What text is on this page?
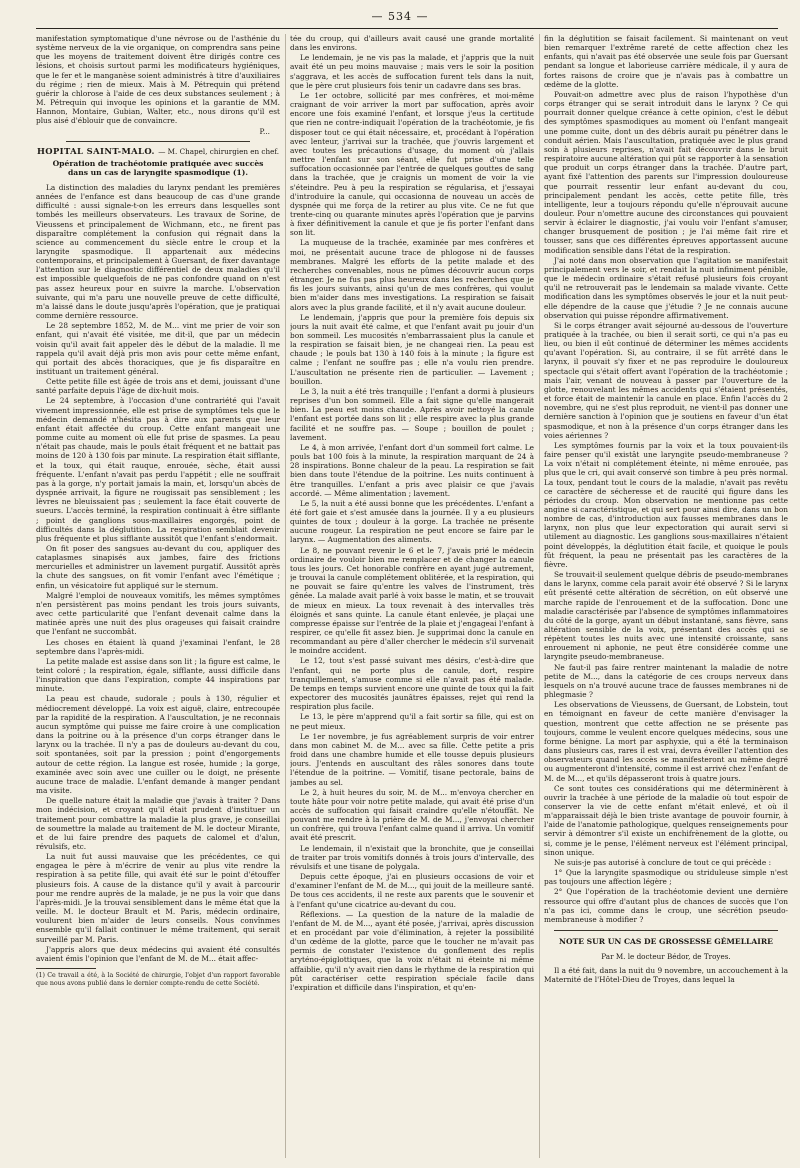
— 534 —

manifestation symptomatique d'une névrose ou de l'asthénie du système nerveux de la vie organique, on comprendra sans peine que les moyens de traitement doivent être dirigés contre ces lésions, et choisis surtout parmi les modificateurs hygiéniques, que le fer et le manganèse soient administrés à titre d'auxiliaires du régime ; rien de mieux. Mais à M. Pétrequin qui prétend guérir la chlorose à l'aide de ces deux substances seulement ; à M. Pétrequin qui invoque les opinions et la garantie de MM. Hannon, Montaire, Gubian, Walter, etc., nous dirons qu'il est plus aisé d'éblouir que de convaincre.

P...
HOPITAL SAINT-MALO. — M. Chapel, chirurgien en chef.
Opération de trachéotomie pratiquée avec succès dans un cas de laryngite spasmodique (1).

La distinction des maladies du larynx pendant les premières années de l'enfance est dans beaucoup de cas d'une grande difficulté : aussi signale-t-on les erreurs dans lesquelles sont tombés les meilleurs observateurs. Les travaux de Sorine, de Vieussens et principalement de Wichmann, etc., ne firent pas disparaître complétement la confusion qui régnait dans la science au commencement du siècle entre le croup et la laryngite spasmodique. Il appartenait aux médecins contemporains, et principalement à Guersant, de fixer davantage l'attention sur le diagnostic différentiel de deux maladies qu'il est impossible quelquefois de ne pas confondre quand on n'est pas assez heureux pour en suivre la marche. L'observation suivante, qui m'a paru une nouvelle preuve de cette difficulté, m'a laissé dans le doute jusqu'après l'opération, que je pratiquai comme dernière ressource.

Le 28 septembre 1852, M. de M... vint me prier de voir son enfant, qui n'avait été visitée, me dit-il, que par un médecin voisin qu'il avait fait appeler dès le début de la maladie. Il me rappela qu'il avait déjà pris mon avis pour cette même enfant, qui portait des abcès thoraciques, que je fis disparaître en instituant un traitement général.

Cette petite fille est âgée de trois ans et demi, jouissant d'une santé parfaite depuis l'âge de dix-huit mois.

Le 24 septembre, à l'occasion d'une contrariété qui l'avait vivement impressionnée, elle est prise de symptômes tels que le médecin demandé n'hésita pas à dire aux parents que leur enfant était affectée du croup. Cette enfant mangeait une pomme cuite au moment où elle fut prise de spasmes. La peau n'était pas chaude, mais le pouls était fréquent et ne battait pas moins de 120 à 130 fois par minute. La respiration était sifflante, et la toux, qui était rauque, enrouée, sèche, était aussi fréquente. L'enfant n'avait pas perdu l'appétit ; elle ne souffrait pas à la gorge, n'y portait jamais la main, et, lorsqu'un abcès de dyspnée arrivait, la figure ne rougissait pas sensiblement ; les lèvres ne bleuissaient pas ; seulement la face était couverte de sueurs. L'accès terminé, la respiration continuait à être sifflante ; point de ganglions sous-maxillaires engorgés, point de difficultés dans la déglutition. La respiration semblait devenir plus fréquente et plus sifflante aussitôt que l'enfant s'endormait.

On fit poser des sangsues au-devant du cou, appliquer des cataplasmes sinapisés aux jambes, faire des frictions mercurielles et administrer un lavement purgatif. Aussitôt après la chute des sangsues, on fit vomir l'enfant avec l'émétique ; enfin, un vésicatoire fut appliqué sur le sternum.

Malgré l'emploi de nouveaux vomitifs, les mêmes symptômes n'en persistèrent pas moins pendant les trois jours suivants, avec cette particularité que l'enfant devenait calme dans la matinée après une nuit des plus orageuses qui faisait craindre que l'enfant ne succombât.

Les choses en étaient là quand j'examinai l'enfant, le 28 septembre dans l'après-midi.

La petite malade est assise dans son lit ; la figure est calme, le teint coloré ; la respiration, égale, sifflante, aussi difficile dans l'inspiration que dans l'expiration, compte 44 inspirations par minute.

La peau est chaude, sudorale ; pouls à 130, régulier et médiocrement développé. La voix est aiguë, claire, entrecoupée par la rapidité de la respiration. A l'auscultation, je ne reconnais aucun symptôme qui puisse me faire croire à une complication dans la poitrine ou à la présence d'un corps étranger dans le larynx ou la trachée. Il n'y a pas de douleurs au-devant du cou, soit spontanées, soit par la pression ; point d'engorgements autour de cette région. La langue est rosée, humide ; la gorge, examinée avec soin avec une cuiller ou le doigt, ne présente aucune trace de maladie. L'enfant demande à manger pendant ma visite.

De quelle nature était la maladie que j'avais à traiter ? Dans mon indécision, et croyant qu'il était prudent d'instituer un traitement pour combattre la maladie la plus grave, je conseillai de soumettre la malade au traitement de M. le docteur Mirante, et de lui faire prendre des paquets de calomel et d'alun, révulsifs, etc.

La nuit fut aussi mauvaise que les précédentes, ce qui engagea le père à m'écrire de venir au plus vite rendre la respiration à sa petite fille, qui avait été sur le point d'étouffer plusieurs fois. A cause de la distance qu'il y avait à parcourir pour me rendre auprès de la malade, je ne pus la voir que dans l'après-midi. Je la trouvai sensiblement dans le même état que la veille. M. le docteur Brault et M. Paris, médecin ordinaire, voulurent bien m'aider de leurs conseils. Nous convînmes ensemble qu'il fallait continuer le même traitement, qui serait surveillé par M. Paris.

J'appris alors que deux médecins qui avaient été consultés avaient émis l'opinion que l'enfant de M. de M... était affec-

(1) Ce travail a été, à la Société de chirurgie, l'objet d'un rapport favorable que nous avons publié dans le dernier compte-rendu de cette Société.

tée du croup, qui d'ailleurs avait causé une grande mortalité dans les environs.

Le lendemain, je ne vis pas la malade, et j'appris que la nuit avait été un peu moins mauvaise ; mais vers le soir la position s'aggrava, et les accès de suffocation furent tels dans la nuit, que le père crut plusieurs fois tenir un cadavre dans ses bras.

Le 1er octobre, sollicité par mes confrères, et moi-même craignant de voir arriver la mort par suffocation, après avoir encore une fois examiné l'enfant, et lorsque j'eus la certitude que rien ne contre-indiquait l'opération de la trachéotomie, je fis disposer tout ce qui était nécessaire, et, procédant à l'opération avec lenteur, j'arrivai sur la trachée, que j'ouvris largement et avec toutes les précautions d'usage, du moment où j'allais mettre l'enfant sur son séant, elle fut prise d'une telle suffocation occasionnée par l'entrée de quelques gouttes de sang dans la trachée, que je craignis un moment de voir la vie s'éteindre. Peu à peu la respiration se régularisa, et j'essayai d'introduire la canule, qui occasionna de nouveau un accès de dyspnée qui me força de la retirer au plus vite. Ce ne fut que trente-cinq ou quarante minutes après l'opération que je parvins à fixer définitivement la canule et que je fis porter l'enfant dans son lit.

La muqueuse de la trachée, examinée par mes confrères et moi, ne présentait aucune trace de phlogose ni de fausses membranes. Malgré les efforts de la petite malade et des recherches convenables, nous ne pûmes découvrir aucun corps étranger. Je ne fus pas plus heureux dans les recherches que je fis les jours suivants, ainsi qu'un de mes confrères, qui voulut bien m'aider dans mes investigations. La respiration se faisait alors avec la plus grande facilité, et il n'y avait aucune douleur.

Le lendemain, j'appris que pour la première fois depuis six jours la nuit avait été calme, et que l'enfant avait pu jouir d'un bon sommeil. Les mucosités n'embarrassaient plus la canule et la respiration se faisait bien, je ne changeai rien. La peau est chaude ; le pouls bat 130 à 140 fois à la minute ; la figure est calme ; l'enfant ne souffre pas ; elle n'a voulu rien prendre. L'auscultation ne présente rien de particulier. — Lavement ; bouillon.

Le 3, la nuit a été très tranquille ; l'enfant a dormi à plusieurs reprises d'un bon sommeil. Elle a fait signe qu'elle mangerait bien. La peau est moins chaude. Après avoir nettoyé la canule l'enfant est portée dans son lit ; elle respire avec la plus grande facilité et ne souffre pas. — Soupe ; bouillon de poulet ; lavement.

Le 4, à mon arrivée, l'enfant dort d'un sommeil fort calme. Le pouls bat 100 fois à la minute, la respiration marquant de 24 à 28 inspirations. Bonne chaleur de la peau. La respiration se fait bien dans toute l'étendue de la poitrine. Les nuits continuent à être tranquilles. L'enfant a pris avec plaisir ce que j'avais accordé. — Même alimentation ; lavement.

Le 5, la nuit a été aussi bonne que les précédentes. L'enfant a été fort gaie et s'est amusée dans la journée. Il y a eu plusieurs quintes de toux ; douleur à la gorge. La trachée ne présente aucune rougeur. La respiration ne peut encore se faire par le larynx. — Augmentation des aliments.

Le 8, ne pouvant revenir le 6 et le 7, j'avais prié le médecin ordinaire de vouloir bien me remplacer et de changer la canule tous les jours. Cet honorable confrère en ayant jugé autrement, je trouvai la canule complétement oblitérée, et la respiration, qui ne pouvait se faire qu'entre les valves de l'instrument, très gênée. La malade avait parlé à voix basse le matin, et se trouvait de mieux en mieux. La toux revenait à des intervalles très éloignés et sans quinte. La canule étant enlevée, je plaçai une compresse épaisse sur l'entrée de la plaie et j'engageai l'enfant à respirer, ce qu'elle fit assez bien. Je supprimai donc la canule en recommandant au père d'aller chercher le médecin s'il survenait le moindre accident.

Le 12, tout s'est passé suivant mes désirs, c'est-à-dire que l'enfant, qui ne porte plus de canule, dort, respire tranquillement, s'amuse comme si elle n'avait pas été malade. De temps en temps survient encore une quinte de toux qui la fait expectorer des mucosités jaunâtres épaisses, rejet qui rend la respiration plus facile.

Le 13, le père m'apprend qu'il a fait sortir sa fille, qui est on ne peut mieux.

Le 1er novembre, je fus agréablement surpris de voir entrer dans mon cabinet M. de M... avec sa fille. Cette petite a pris froid dans une chambre humide et elle tousse depuis plusieurs jours. J'entends en auscultant des râles sonores dans toute l'étendue de la poitrine. — Vomitif, tisane pectorale, bains de jambes au sel.

Le 2, à huit heures du soir, M. de M... m'envoya chercher en toute hâte pour voir notre petite malade, qui avait été prise d'un accès de suffocation qui faisait craindre qu'elle n'étouffât. Ne pouvant me rendre à la prière de M. de M..., j'envoyai chercher un confrère, qui trouva l'enfant calme quand il arriva. Un vomitif avait été prescrit.

Le lendemain, il n'existait que la bronchite, que je conseillai de traiter par trois vomitifs donnés à trois jours d'intervalle, des révulsifs et une tisane de polygala.

Depuis cette époque, j'ai en plusieurs occasions de voir et d'examiner l'enfant de M. de M..., qui jouit de la meilleure santé. De tous ces accidents, il ne reste aux parents que le souvenir et à l'enfant qu'une cicatrice au-devant du cou.

Réflexions. — La question de la nature de la maladie de l'enfant de M. de M..., ayant été posée, j'arrivai, après discussion et en procédant par voie d'élimination, à rejeter la possibilité d'un œdème de la glotte, parce que le toucher ne m'avait pas permis de constater l'existence du gonflement des replis aryténo-épiglottiques, que la voix n'était ni éteinte ni même affaiblie, qu'il n'y avait rien dans le rhythme de la respiration qui pût caractériser cette respiration spéciale facile dans l'expiration et difficile dans l'inspiration, et qu'en-

fin la déglutition se faisait facilement. Si maintenant on veut bien remarquer l'extrême rareté de cette affection chez les enfants, qui n'avait pas été observée une seule fois par Guersant pendant sa longue et laborieuse carrière médicale, il y aura de fortes raisons de croire que je n'avais pas à combattre un œdème de la glotte.

Pouvait-on admettre avec plus de raison l'hypothèse d'un corps étranger qui se serait introduit dans le larynx ? Ce qui pourrait donner quelque créance à cette opinion, c'est le début des symptômes spasmodiques au moment où l'enfant mangeait une pomme cuite, dont un des débris aurait pu pénétrer dans le conduit aérien. Mais l'auscultation, pratiquée avec le plus grand soin à plusieurs reprises, n'avait fait découvrir dans le bruit respiratoire aucune altération qui pût se rapporter à la sensation que produit un corps étranger dans la trachée. D'autre part, ayant fixé l'attention des parents sur l'impression douloureuse que pourrait ressentir leur enfant au-devant du cou, principalement pendant les accès, cette petite fille, très intelligente, leur a toujours répondu qu'elle n'éprouvait aucune douleur. Pour n'omettre aucune des circonstances qui pouvaient servir à éclairer le diagnostic, j'ai voulu voir l'enfant s'amuser, changer brusquement de position ; je l'ai même fait rire et tousser, sans que ces différentes épreuves apportassent aucune modification sensible dans l'état de la respiration.

J'ai noté dans mon observation que l'agitation se manifestait principalement vers le soir, et rendait la nuit infiniment pénible, que le médecin ordinaire s'était refusé plusieurs fois croyant qu'il ne retrouverait pas le lendemain sa malade vivante. Cette modification dans les symptômes observés le jour et la nuit peut-elle dépendre de la cause que j'étudie ? Je ne connais aucune observation qui puisse répondre affirmativement.

Si le corps étranger avait séjourné au-dessous de l'ouverture pratiquée à la trachée, ou bien il serait sorti, ce qui n'a pas eu lieu, ou bien il eût continué de déterminer les mêmes accidents qu'avant l'opération. Si, au contraire, il se fût arrêté dans le larynx, il pouvait s'y fixer et ne pas reproduire le douloureux spectacle qui s'était offert avant l'opération de la trachéotomie ; mais l'air, venant de nouveau à passer par l'ouverture de la glotte, renouvelant les mêmes accidents qui s'étaient présentés, et force était de maintenir la canule en place. Enfin l'accès du 2 novembre, qui ne s'est plus reproduit, ne vient-il pas donner une dernière sanction à l'opinion que je soutiens en faveur d'un état spasmodique, et non à la présence d'un corps étranger dans les voies aériennes ?

Les symptômes fournis par la voix et la toux pouvaient-ils faire penser qu'il existât une laryngite pseudo-membraneuse ? La voix n'était ni complétement éteinte, ni même enrouée, pas plus que le cri, qui avait conservé son timbre à peu près normal. La toux, pendant tout le cours de la maladie, n'avait pas revêtu ce caractère de sécheresse et de raucité qui figure dans les périodes du croup. Mon observation ne mentionne pas cette angine si caractéristique, et qui sert pour ainsi dire, dans un bon nombre de cas, d'introduction aux fausses membranes dans le larynx, non plus que leur expectoration qui aurait servi si utilement au diagnostic. Les ganglions sous-maxillaires n'étaient point développés, la déglutition était facile, et quoique le pouls fût fréquent, la peau ne présentait pas les caractères de la fièvre.

Se trouvait-il seulement quelque débris de pseudo-membranes dans le larynx, comme cela parait avoir été observé ? Si le larynx eût présenté cette altération de sécrétion, on eût observé une marche rapide de l'enrouement et de la suffocation. Donc une maladie caractérisée par l'absence de symptômes inflammatoires du côté de la gorge, ayant un début instantané, sans fièvre, sans altération sensible de la voix, présentant des accès qui se répètent toutes les nuits avec une intensité croissante, sans enrouement ni aphonie, ne peut être considérée comme une laryngite pseudo-membraneuse.

Ne faut-il pas faire rentrer maintenant la maladie de notre petite de M..., dans la catégorie de ces croups nerveux dans lesquels on n'a trouvé aucune trace de fausses membranes ni de phlegmasie ?

Les observations de Vieussens, de Guersant, de Lobstein, tout en témoignant en faveur de cette manière d'envisager la question, montrent que cette affection ne se présente pas toujours, comme le veulent encore quelques médecins, sous une forme bénigne. La mort par asphyxie, qui a été la terminaison dans plusieurs cas, rares il est vrai, devra éveiller l'attention des observateurs quand les accès se manifesteront au même degré ou augmenteront d'intensité, comme il est arrivé chez l'enfant de M. de M..., et qu'ils dépasseront trois à quatre jours.

Ce sont toutes ces considérations qui me déterminèrent à ouvrir la trachée à une période de la maladie où tout espoir de conserver la vie de cette enfant m'était enlevé, et où il m'apparaissait déjà le bien triste avantage de pouvoir fournir, à l'aide de l'anatomie pathologique, quelques renseignements pour servir à démontrer s'il existe un enchifrènement de la glotte, ou si, comme je le pense, l'élément nerveux est l'élément principal, sinon unique.

Ne suis-je pas autorisé à conclure de tout ce qui précède :

1° Que la laryngite spasmodique ou striduleuse simple n'est pas toujours une affection légère ;

2° Que l'opération de la trachéotomie devient une dernière ressource qui offre d'autant plus de chances de succès que l'on n'a pas ici, comme dans le croup, une sécrétion pseudo-membraneuse à modifier ?

NOTE SUR UN CAS DE GROSSESSE GÉMELLAIRE
Par M. le docteur Bédor, de Troyes.

Il a été fait, dans la nuit du 9 novembre, un accouchement à la Maternité de l'Hôtel-Dieu de Troyes, dans lequel la
